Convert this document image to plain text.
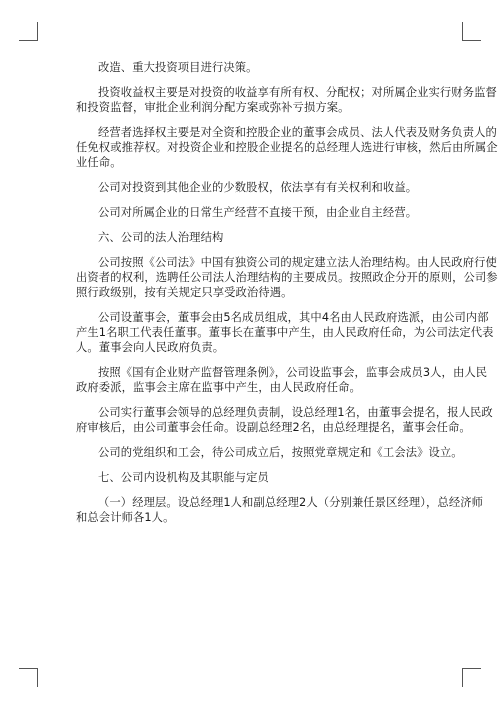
改造、重大投资项目进行决策。
投资收益权主要是对投资的收益享有所有权、分配权；对所属企业实行财务监督
和投资监督，审批企业利润分配方案或弥补亏损方案。
经营者选择权主要是对全资和控股企业的董事会成员、法人代表及财务负责人的
任免权或推荐权。对投资企业和控股企业提名的总经理人选进行审核，然后由所属企
业任命。
公司对投资到其他企业的少数股权，依法享有有关权利和收益。
公司对所属企业的日常生产经营不直接干预，由企业自主经营。
六、公司的法人治理结构
公司按照《公司法》中国有独资公司的规定建立法人治理结构。由人民政府行使
出资者的权利，选聘任公司法人治理结构的主要成员。按照政企分开的原则，公司参
照行政级别，按有关规定只享受政治待遇。
公司设董事会，董事会由5名成员组成，其中4名由人民政府选派，由公司内部
产生1名职工代表任董事。董事长在董事中产生，由人民政府任命，为公司法定代表
人。董事会向人民政府负责。
按照《国有企业财产监督管理条例》，公司设监事会，监事会成员3人，由人民
政府委派，监事会主席在监事中产生，由人民政府任命。
公司实行董事会领导的总经理负责制，设总经理1名，由董事会提名，报人民政
府审核后，由公司董事会任命。设副总经理2名，由总经理提名，董事会任命。
公司的党组织和工会，待公司成立后，按照党章规定和《工会法》设立。
七、公司内设机构及其职能与定员
（一）经理层。设总经理1人和副总经理2人（分别兼任景区经理），总经济师
和总会计师各1人。
